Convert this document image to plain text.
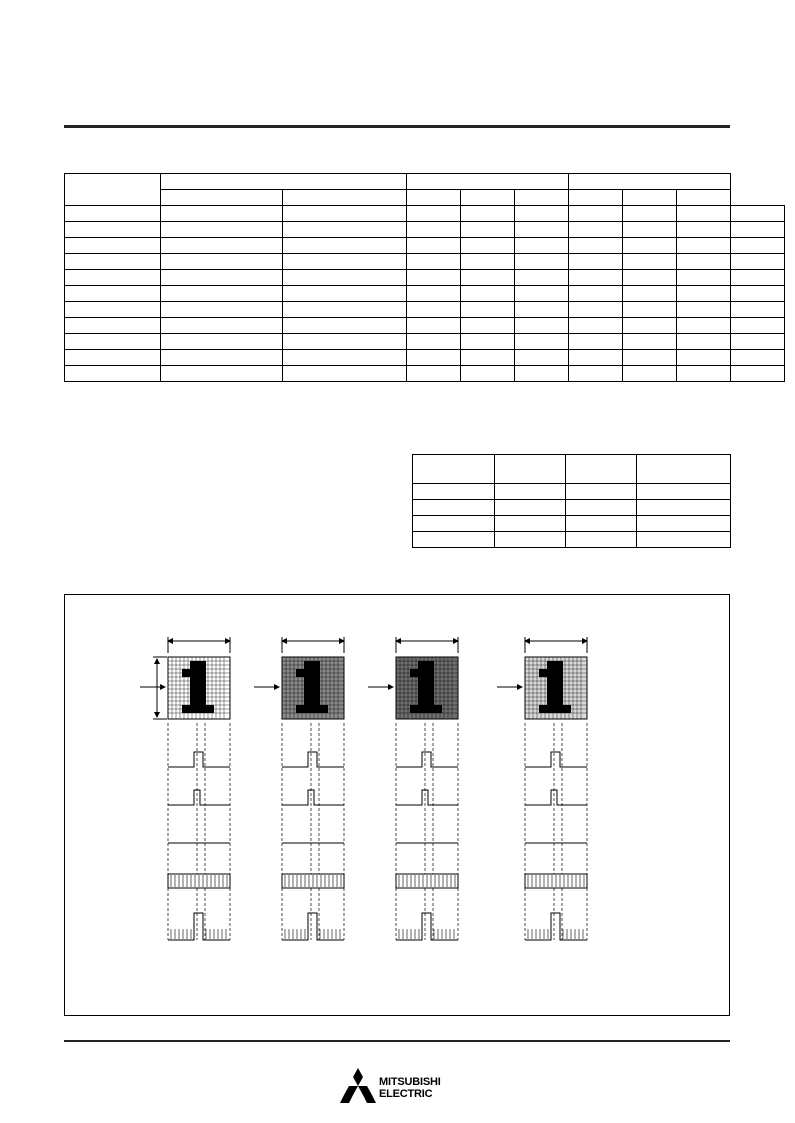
MITSUBISHI
ELECTRIC
